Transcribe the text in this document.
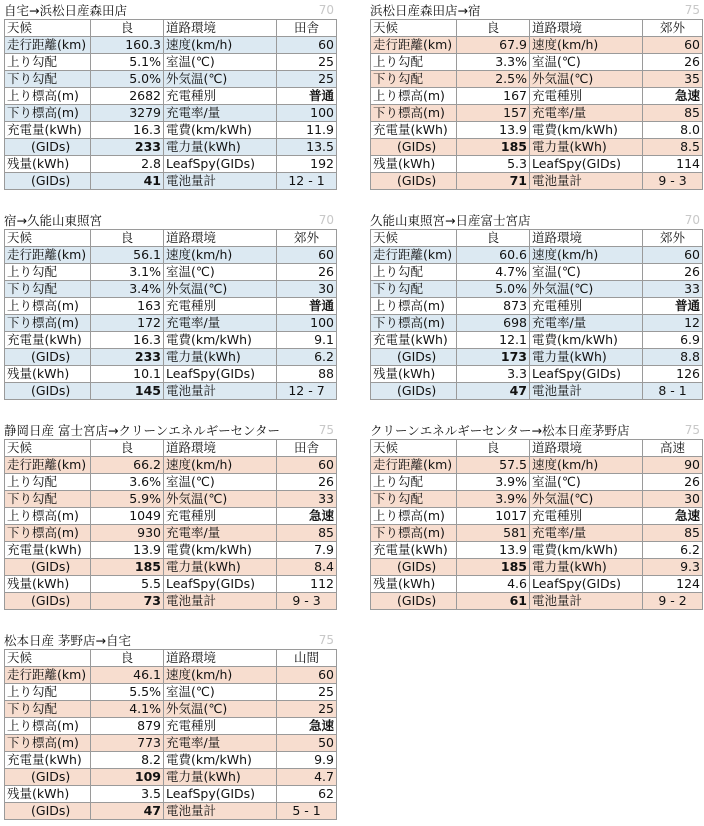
自宅→浜松日産森田店	70
天候	良	道路環境	田舎
走行距離(km)	160.3	速度(km/h)	60
上り勾配	5.1%	室温(℃)	25
下り勾配	5.0%	外気温(℃)	25
上り標高(m)	2682	充電種別	普通
下り標高(m)	3279	充電率/量	100
充電量(kWh)	16.3	電費(km/kWh)	11.9
(GIDs)	233	電力量(kWh)	13.5
残量(kWh)	2.8	LeafSpy(GIDs)	192
(GIDs)	41	電池量計	12 - 1
浜松日産森田店→宿	75
天候	良	道路環境	郊外
走行距離(km)	67.9	速度(km/h)	60
上り勾配	3.3%	室温(℃)	26
下り勾配	2.5%	外気温(℃)	35
上り標高(m)	167	充電種別	急速
下り標高(m)	157	充電率/量	85
充電量(kWh)	13.9	電費(km/kWh)	8.0
(GIDs)	185	電力量(kWh)	8.5
残量(kWh)	5.3	LeafSpy(GIDs)	114
(GIDs)	71	電池量計	9 - 3
宿→久能山東照宮	70
天候	良	道路環境	郊外
走行距離(km)	56.1	速度(km/h)	60
上り勾配	3.1%	室温(℃)	26
下り勾配	3.4%	外気温(℃)	30
上り標高(m)	163	充電種別	普通
下り標高(m)	172	充電率/量	100
充電量(kWh)	16.3	電費(km/kWh)	9.1
(GIDs)	233	電力量(kWh)	6.2
残量(kWh)	10.1	LeafSpy(GIDs)	88
(GIDs)	145	電池量計	12 - 7
久能山東照宮→日産富士宮店	70
天候	良	道路環境	郊外
走行距離(km)	60.6	速度(km/h)	60
上り勾配	4.7%	室温(℃)	26
下り勾配	5.0%	外気温(℃)	33
上り標高(m)	873	充電種別	普通
下り標高(m)	698	充電率/量	12
充電量(kWh)	12.1	電費(km/kWh)	6.9
(GIDs)	173	電力量(kWh)	8.8
残量(kWh)	3.3	LeafSpy(GIDs)	126
(GIDs)	47	電池量計	8 - 1
静岡日産 富士宮店→クリーンエネルギーセンター	75
天候	良	道路環境	田舎
走行距離(km)	66.2	速度(km/h)	60
上り勾配	3.6%	室温(℃)	26
下り勾配	5.9%	外気温(℃)	33
上り標高(m)	1049	充電種別	急速
下り標高(m)	930	充電率/量	85
充電量(kWh)	13.9	電費(km/kWh)	7.9
(GIDs)	185	電力量(kWh)	8.4
残量(kWh)	5.5	LeafSpy(GIDs)	112
(GIDs)	73	電池量計	9 - 3
クリーンエネルギーセンター→松本日産茅野店	75
天候	良	道路環境	高速
走行距離(km)	57.5	速度(km/h)	90
上り勾配	3.9%	室温(℃)	26
下り勾配	3.9%	外気温(℃)	30
上り標高(m)	1017	充電種別	急速
下り標高(m)	581	充電率/量	85
充電量(kWh)	13.9	電費(km/kWh)	6.2
(GIDs)	185	電力量(kWh)	9.3
残量(kWh)	4.6	LeafSpy(GIDs)	124
(GIDs)	61	電池量計	9 - 2
松本日産 茅野店→自宅	75
天候	良	道路環境	山間
走行距離(km)	46.1	速度(km/h)	60
上り勾配	5.5%	室温(℃)	25
下り勾配	4.1%	外気温(℃)	25
上り標高(m)	879	充電種別	急速
下り標高(m)	773	充電率/量	50
充電量(kWh)	8.2	電費(km/kWh)	9.9
(GIDs)	109	電力量(kWh)	4.7
残量(kWh)	3.5	LeafSpy(GIDs)	62
(GIDs)	47	電池量計	5 - 1
